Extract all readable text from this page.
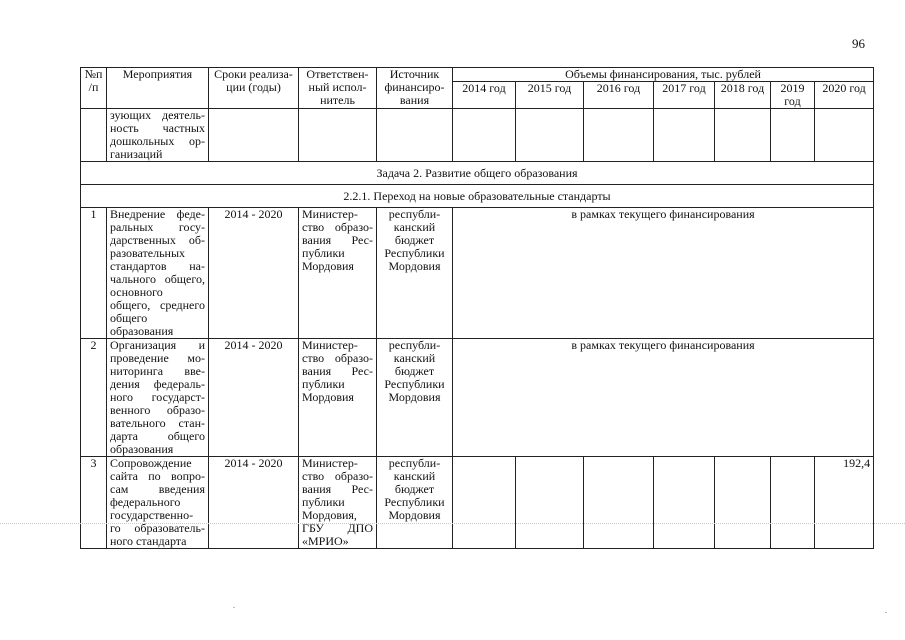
96
№п /п	Мероприятия	Сроки реализа- ции (годы)	Ответствен- ный испол- нитель	Источник финансиро- вания	Объемы финансирования, тыс. рублей						
					2014 год	2015 год	2016 год	2017 год	2018 год	2019 год	2020 год
	зующих деятель- ность частных дошкольных ор- ганизаций										
Задача 2. Развитие общего образования											
2.2.1. Переход на новые образовательные стандарты											
1	Внедрение феде- ральных госу- дарственных об- разовательных стандартов на- чального общего, основного общего, среднего общего образования	2014 - 2020	Министер- ство образо- вания Рес- публики Мордовия	республи- канский бюджет Республики Мордовия	в рамках текущего финансирования						
2	Организация и проведение мо- ниторинга вве- дения федераль- ного государст- венного образо- вательного стан- дарта общего образования	2014 - 2020	Министер- ство образо- вания Рес- публики Мордовия	республи- канский бюджет Республики Мордовия	в рамках текущего финансирования						
3	Сопровождение сайта по вопро- сам введения федерального государственно- го образователь- ного стандарта	2014 - 2020	Министер- ство образо- вания Рес- публики Мордовия, ГБУ ДПО «МРИО»	республи- канский бюджет Республики Мордовия							192,4
